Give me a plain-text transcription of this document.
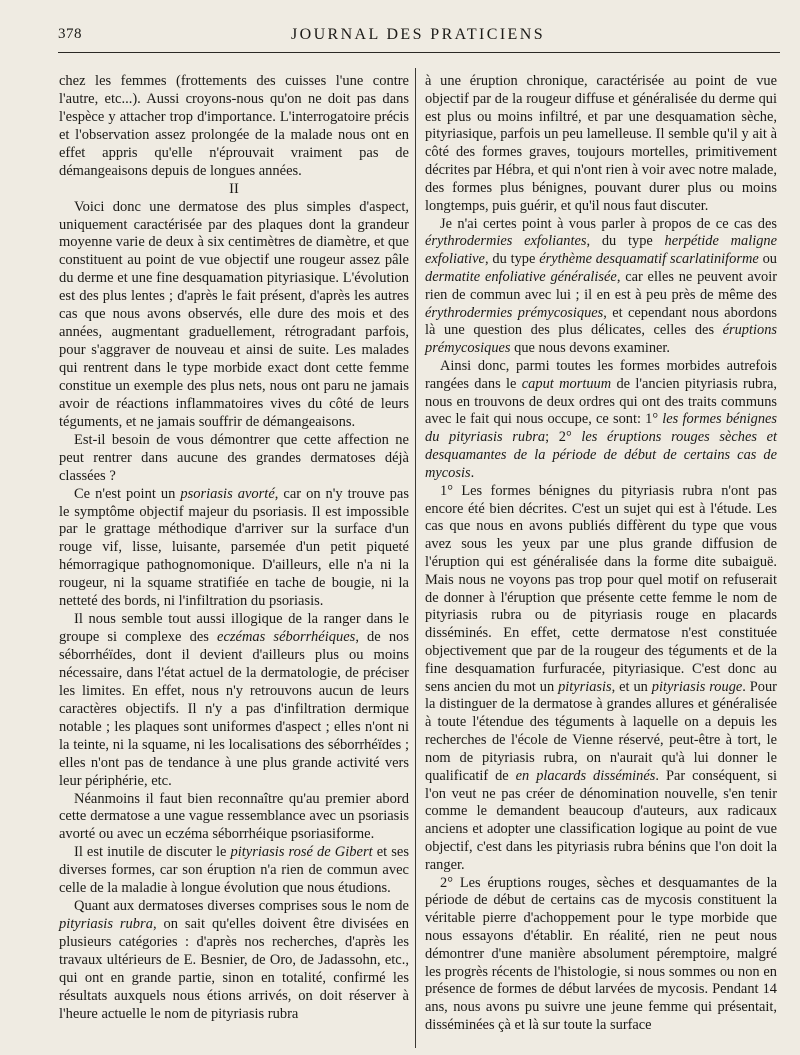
378	JOURNAL DES PRATICIENS

chez les femmes (frottements des cuisses l'une contre l'autre, etc...). Aussi croyons-nous qu'on ne doit pas dans l'espèce y attacher trop d'importance. L'interrogatoire précis et l'observation assez prolongée de la malade nous ont en effet appris qu'elle n'éprouvait vraiment pas de démangeaisons depuis de longues années.

II

Voici donc une dermatose des plus simples d'aspect, uniquement caractérisée par des plaques dont la grandeur moyenne varie de deux à six centimètres de diamètre, et que constituent au point de vue objectif une rougeur assez pâle du derme et une fine desquamation pityriasique. L'évolution est des plus lentes ; d'après le fait présent, d'après les autres cas que nous avons observés, elle dure des mois et des années, augmentant graduellement, rétrogradant parfois, pour s'aggraver de nouveau et ainsi de suite. Les malades qui rentrent dans le type morbide exact dont cette femme constitue un exemple des plus nets, nous ont paru ne jamais avoir de réactions inflammatoires vives du côté de leurs téguments, et ne jamais souffrir de démangeaisons.

Est-il besoin de vous démontrer que cette affection ne peut rentrer dans aucune des grandes dermatoses déjà classées ?

Ce n'est point un psoriasis avorté, car on n'y trouve pas le symptôme objectif majeur du psoriasis. Il est impossible par le grattage méthodique d'arriver sur la surface d'un rouge vif, lisse, luisante, parsemée d'un petit piqueté hémorragique pathognomonique. D'ailleurs, elle n'a ni la rougeur, ni la squame stratifiée en tache de bougie, ni la netteté des bords, ni l'infiltration du psoriasis.

Il nous semble tout aussi illogique de la ranger dans le groupe si complexe des eczémas séborrhéiques, de nos séborrhéïdes, dont il devient d'ailleurs plus ou moins nécessaire, dans l'état actuel de la dermatologie, de préciser les limites. En effet, nous n'y retrouvons aucun de leurs caractères objectifs. Il n'y a pas d'infiltration dermique notable ; les plaques sont uniformes d'aspect ; elles n'ont ni la teinte, ni la squame, ni les localisations des séborrhéïdes ; elles n'ont pas de tendance à une plus grande activité vers leur périphérie, etc.

Néanmoins il faut bien reconnaître qu'au premier abord cette dermatose a une vague ressemblance avec un psoriasis avorté ou avec un eczéma séborrhéique psoriasiforme.

Il est inutile de discuter le pityriasis rosé de Gibert et ses diverses formes, car son éruption n'a rien de commun avec celle de la maladie à longue évolution que nous étudions.

Quant aux dermatoses diverses comprises sous le nom de pityriasis rubra, on sait qu'elles doivent être divisées en plusieurs catégories : d'après nos recherches, d'après les travaux ultérieurs de E. Besnier, de Oro, de Jadassohn, etc., qui ont en grande partie, sinon en totalité, confirmé les résultats auxquels nous étions arrivés, on doit réserver à l'heure actuelle le nom de pityriasis rubra

à une éruption chronique, caractérisée au point de vue objectif par de la rougeur diffuse et généralisée du derme qui est plus ou moins infiltré, et par une desquamation sèche, pityriasique, parfois un peu lamelleuse. Il semble qu'il y ait à côté des formes graves, toujours mortelles, primitivement décrites par Hébra, et qui n'ont rien à voir avec notre malade, des formes plus bénignes, pouvant durer plus ou moins longtemps, puis guérir, et qu'il nous faut discuter.

Je n'ai certes point à vous parler à propos de ce cas des érythrodermies exfoliantes, du type herpétide maligne exfoliative, du type érythème desquamatif scarlatiniforme ou dermatite enfoliative généralisée, car elles ne peuvent avoir rien de commun avec lui ; il en est à peu près de même des érythrodermies prémycosiques, et cependant nous abordons là une question des plus délicates, celles des éruptions prémycosiques que nous devons examiner.

Ainsi donc, parmi toutes les formes morbides autrefois rangées dans le caput mortuum de l'ancien pityriasis rubra, nous en trouvons de deux ordres qui ont des traits communs avec le fait qui nous occupe, ce sont: 1° les formes bénignes du pityriasis rubra; 2° les éruptions rouges sèches et desquamantes de la période de début de certains cas de mycosis.

1° Les formes bénignes du pityriasis rubra n'ont pas encore été bien décrites. C'est un sujet qui est à l'étude. Les cas que nous en avons publiés diffèrent du type que vous avez sous les yeux par une plus grande diffusion de l'éruption qui est généralisée dans la forme dite subaiguë. Mais nous ne voyons pas trop pour quel motif on refuserait de donner à l'éruption que présente cette femme le nom de pityriasis rubra ou de pityriasis rouge en placards disséminés. En effet, cette dermatose n'est constituée objectivement que par de la rougeur des téguments et de la fine desquamation furfuracée, pityriasique. C'est donc au sens ancien du mot un pityriasis, et un pityriasis rouge. Pour la distinguer de la dermatose à grandes allures et généralisée à toute l'étendue des téguments à laquelle on a depuis les recherches de l'école de Vienne réservé, peut-être à tort, le nom de pityriasis rubra, on n'aurait qu'à lui donner le qualificatif de en placards disséminés. Par conséquent, si l'on veut ne pas créer de dénomination nouvelle, s'en tenir comme le demandent beaucoup d'auteurs, aux radicaux anciens et adopter une classification logique au point de vue objectif, c'est dans les pityriasis rubra bénins que l'on doit la ranger.

2° Les éruptions rouges, sèches et desquamantes de la période de début de certains cas de mycosis constituent la véritable pierre d'achoppement pour le type morbide que nous essayons d'établir. En réalité, rien ne peut nous démontrer d'une manière absolument péremptoire, malgré les progrès récents de l'histologie, si nous sommes ou non en présence de formes de début larvées de mycosis. Pendant 14 ans, nous avons pu suivre une jeune femme qui présentait, disséminées çà et là sur toute la surface
